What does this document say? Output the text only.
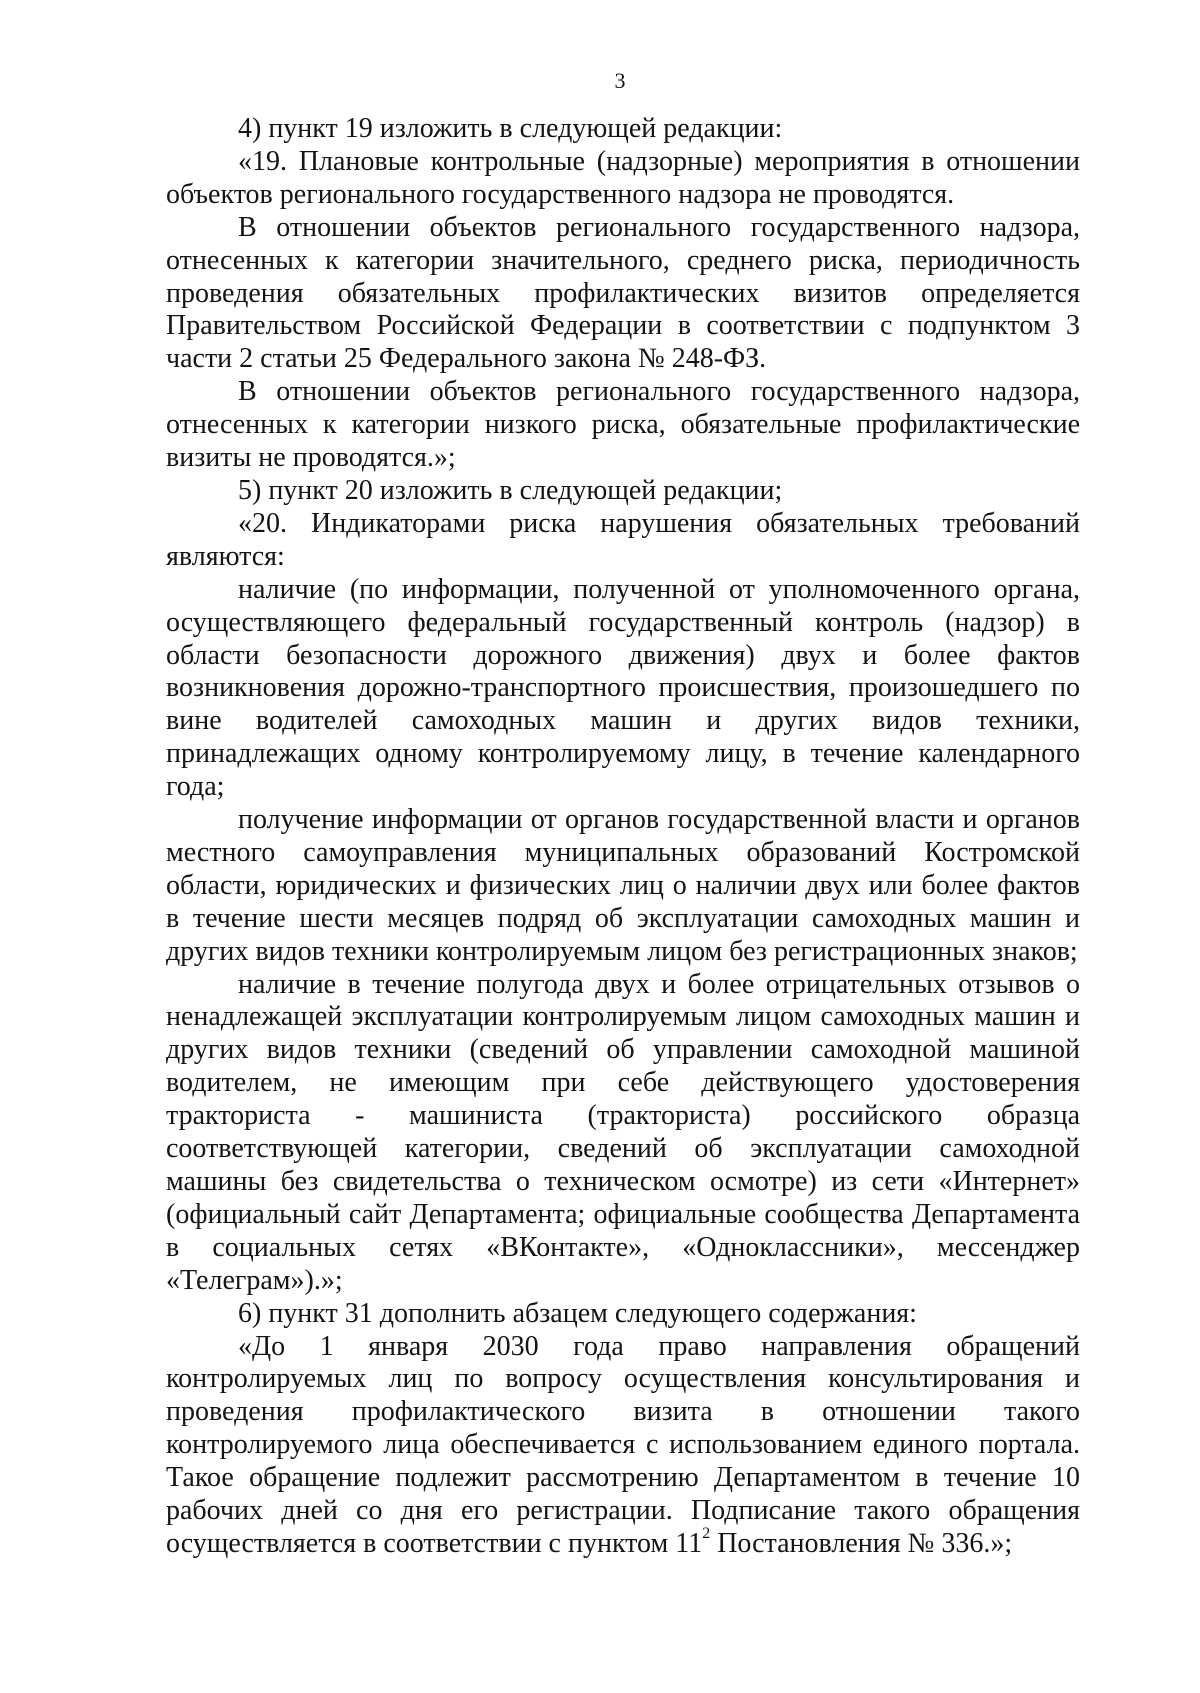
3

4) пункт 19 изложить в следующей редакции:

«19. Плановые контрольные (надзорные) мероприятия в отношении объектов регионального государственного надзора не проводятся.

В отношении объектов регионального государственного надзора, отнесенных к категории значительного, среднего риска, периодичность проведения обязательных профилактических визитов определяется Правительством Российской Федерации в соответствии с подпунктом 3 части 2 статьи 25 Федерального закона № 248-ФЗ.

В отношении объектов регионального государственного надзора, отнесенных к категории низкого риска, обязательные профилактические визиты не проводятся.»;

5) пункт 20 изложить в следующей редакции;

«20. Индикаторами риска нарушения обязательных требований являются:

наличие (по информации, полученной от уполномоченного органа, осуществляющего федеральный государственный контроль (надзор) в области безопасности дорожного движения) двух и более фактов возникновения дорожно-транспортного происшествия, произошедшего по вине водителей самоходных машин и других видов техники, принадлежащих одному контролируемому лицу, в течение календарного года;

получение информации от органов государственной власти и органов местного самоуправления муниципальных образований Костромской области, юридических и физических лиц о наличии двух или более фактов в течение шести месяцев подряд об эксплуатации самоходных машин и других видов техники контролируемым лицом без регистрационных знаков;

наличие в течение полугода двух и более отрицательных отзывов о ненадлежащей эксплуатации контролируемым лицом самоходных машин и других видов техники (сведений об управлении самоходной машиной водителем, не имеющим при себе действующего удостоверения тракториста - машиниста (тракториста) российского образца соответствующей категории, сведений об эксплуатации самоходной машины без свидетельства о техническом осмотре) из сети «Интернет» (официальный сайт Департамента; официальные сообщества Департамента в социальных сетях «ВКонтакте», «Одноклассники», мессенджер «Телеграм»).»;

6) пункт 31 дополнить абзацем следующего содержания:

«До 1 января 2030 года право направления обращений контролируемых лиц по вопросу осуществления консультирования и проведения профилактического визита в отношении такого контролируемого лица обеспечивается с использованием единого портала. Такое обращение подлежит рассмотрению Департаментом в течение 10 рабочих дней со дня его регистрации. Подписание такого обращения осуществляется в соответствии с пунктом $11^2$ Постановления № 336.»;
